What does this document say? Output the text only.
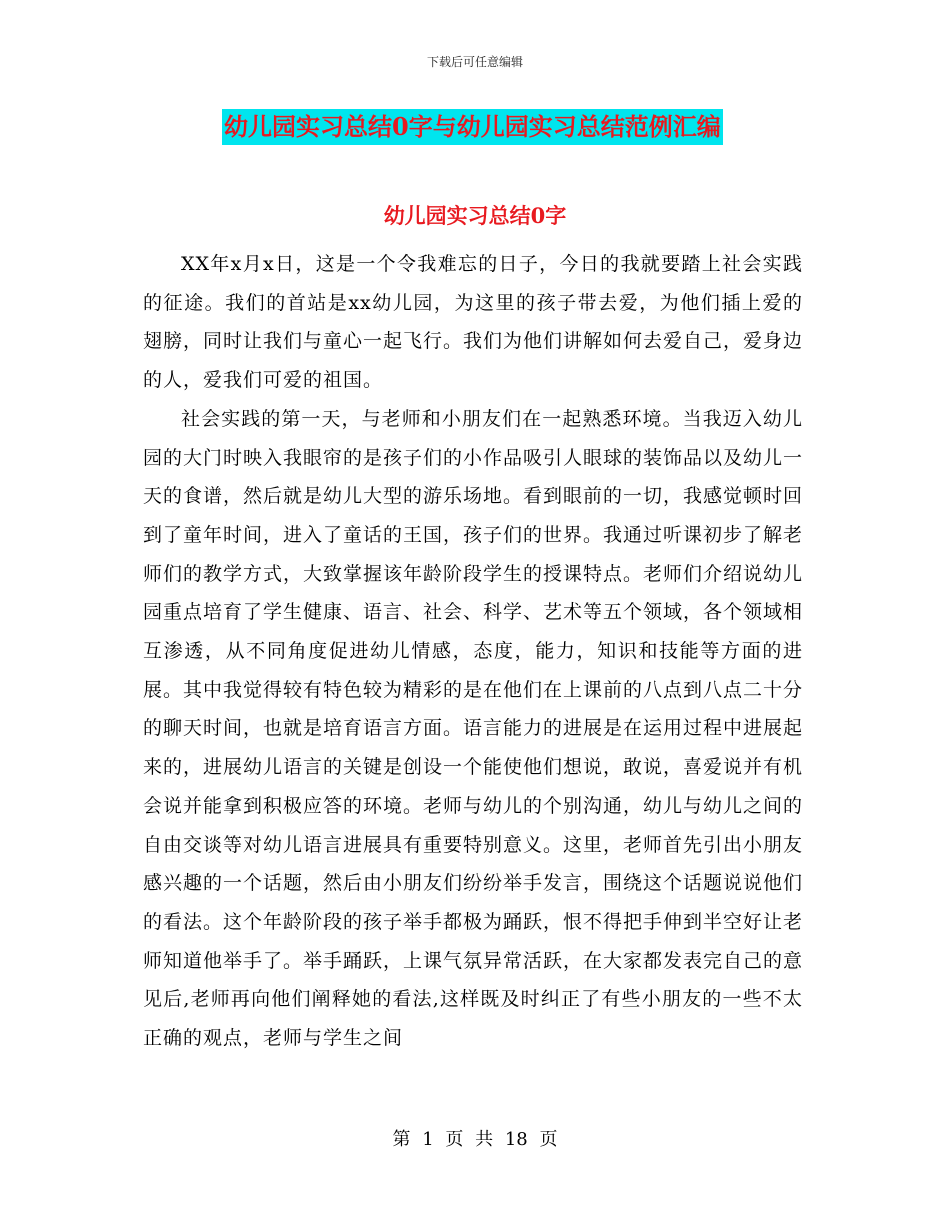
下载后可任意编辑
幼儿园实习总结0字与幼儿园实习总结范例汇编
幼儿园实习总结0字

XX年x月x日，这是一个令我难忘的日子，今日的我就要踏上社会实践的征途。我们的首站是xx幼儿园，为这里的孩子带去爱，为他们插上爱的翅膀，同时让我们与童心一起飞行。我们为他们讲解如何去爱自己，爱身边的人，爱我们可爱的祖国。

社会实践的第一天，与老师和小朋友们在一起熟悉环境。当我迈入幼儿园的大门时映入我眼帘的是孩子们的小作品吸引人眼球的装饰品以及幼儿一天的食谱，然后就是幼儿大型的游乐场地。看到眼前的一切，我感觉顿时回到了童年时间，进入了童话的王国，孩子们的世界。我通过听课初步了解老师们的教学方式，大致掌握该年龄阶段学生的授课特点。老师们介绍说幼儿园重点培育了学生健康、语言、社会、科学、艺术等五个领域，各个领域相互渗透，从不同角度促进幼儿情感，态度，能力，知识和技能等方面的进展。其中我觉得较有特色较为精彩的是在他们在上课前的八点到八点二十分的聊天时间，也就是培育语言方面。语言能力的进展是在运用过程中进展起来的，进展幼儿语言的关键是创设一个能使他们想说，敢说，喜爱说并有机会说并能拿到积极应答的环境。老师与幼儿的个别沟通，幼儿与幼儿之间的自由交谈等对幼儿语言进展具有重要特别意义。这里，老师首先引出小朋友感兴趣的一个话题，然后由小朋友们纷纷举手发言，围绕这个话题说说他们的看法。这个年龄阶段的孩子举手都极为踊跃，恨不得把手伸到半空好让老师知道他举手了。举手踊跃，上课气氛异常活跃，在大家都发表完自己的意见后,老师再向他们阐释她的看法,这样既及时纠正了有些小朋友的一些不太正确的观点，老师与学生之间

第 1 页 共 18 页
